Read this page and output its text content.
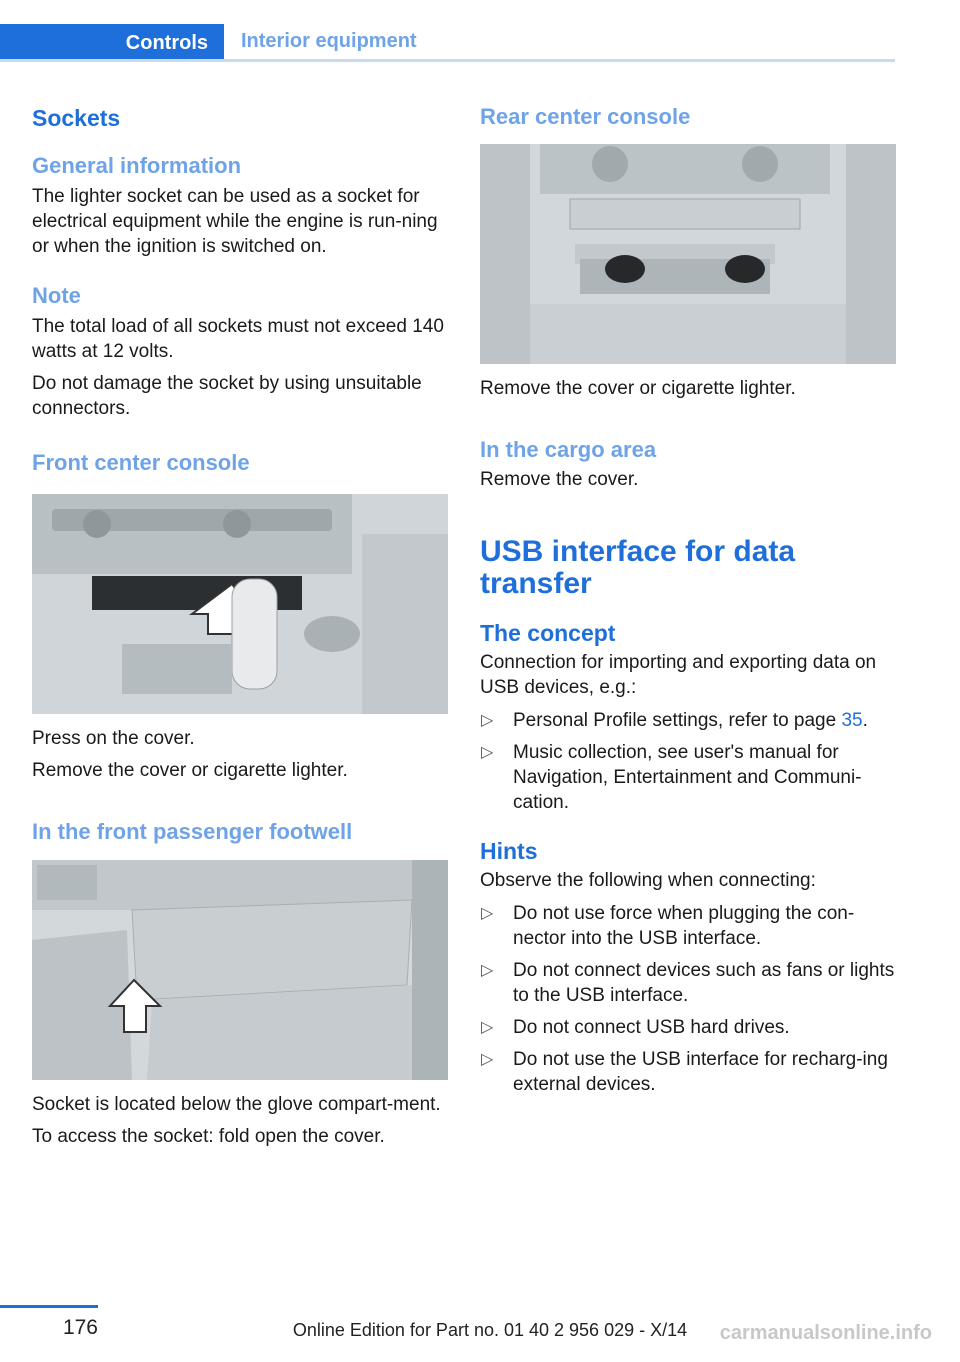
Controls	Interior equipment
Sockets
General information

The lighter socket can be used as a socket for electrical equipment while the engine is run-ning or when the ignition is switched on.

Note

The total load of all sockets must not exceed 140 watts at 12 volts.

Do not damage the socket by using unsuitable connectors.

Front center console

Press on the cover.

Remove the cover or cigarette lighter.

In the front passenger footwell

Socket is located below the glove compart-ment.

To access the socket: fold open the cover.

Rear center console

Remove the cover or cigarette lighter.

In the cargo area

Remove the cover.

USB interface for data transfer
The concept

Connection for importing and exporting data on USB devices, e.g.:

▷ Personal Profile settings, refer to page 35.
▷ Music collection, see user's manual for Navigation, Entertainment and Communi-cation.
Hints

Observe the following when connecting:

▷ Do not use force when plugging the con-nector into the USB interface.
▷ Do not connect devices such as fans or lights to the USB interface.
▷ Do not connect USB hard drives.
▷ Do not use the USB interface for recharg-ing external devices.
176	Online Edition for Part no. 01 40 2 956 029 - X/14	carmanualsonline.info
